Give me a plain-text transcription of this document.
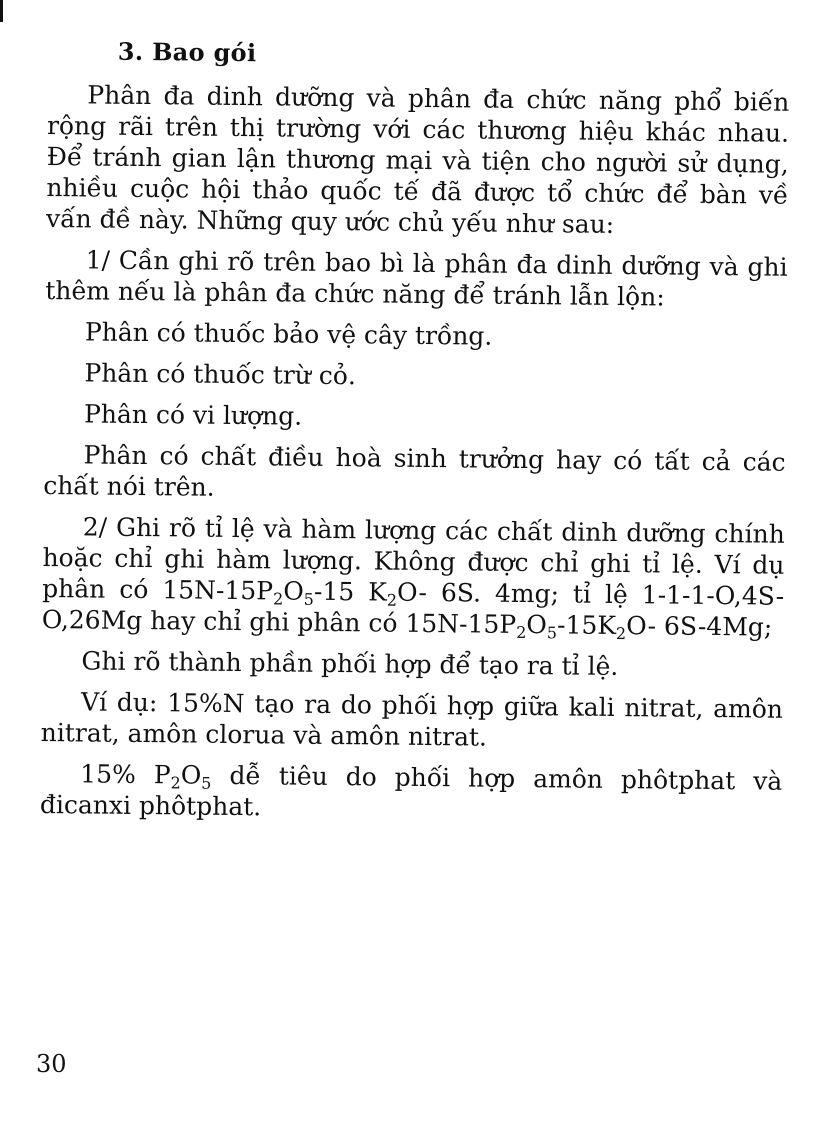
3. Bao gói

Phân đa dinh dưỡng và phân đa chức năng phổ biến rộng rãi trên thị trường với các thương hiệu khác nhau. Để tránh gian lận thương mại và tiện cho người sử dụng, nhiều cuộc hội thảo quốc tế đã được tổ chức để bàn về vấn đề này. Những quy ước chủ yếu như sau:

1/ Cần ghi rõ trên bao bì là phân đa dinh dưỡng và ghi thêm nếu là phân đa chức năng để tránh lẫn lộn:

Phân có thuốc bảo vệ cây trồng.

Phân có thuốc trừ cỏ.

Phân có vi lượng.

Phân có chất điều hoà sinh trưởng hay có tất cả các chất nói trên.

2/ Ghi rõ tỉ lệ và hàm lượng các chất dinh dưỡng chính hoặc chỉ ghi hàm lượng. Không được chỉ ghi tỉ lệ. Ví dụ phân có $15N-15P_2O_5-15$ $K_2O-$ 6S. 4mg; tỉ lệ 1-1-1-O,4S-O,26Mg hay chỉ ghi phân có $15N-15P_2O_5-15K_2O-$ 6S-4Mg;

Ghi rõ thành phần phối hợp để tạo ra tỉ lệ.

Ví dụ: 15%N tạo ra do phối hợp giữa kali nitrat, amôn nitrat, amôn clorua và amôn nitrat.

15% $P_2O_5$ dễ tiêu do phối hợp amôn phôtphat và đicanxi phôtphat.

30
